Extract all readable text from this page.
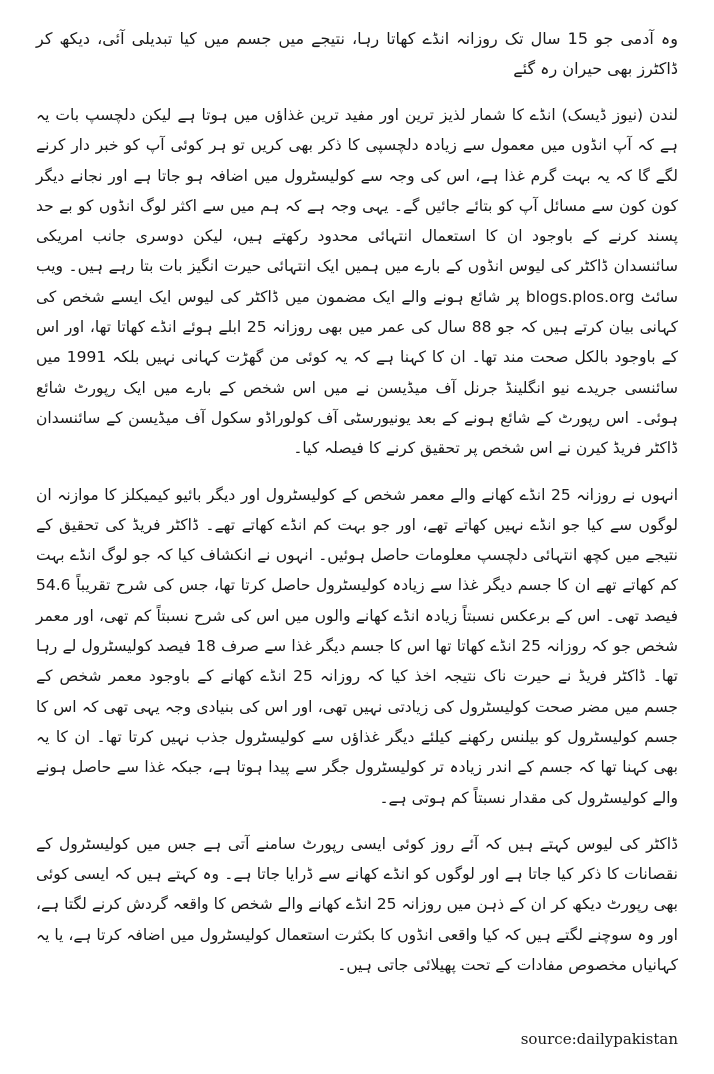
وہ آدمی جو 15 سال تک روزانہ انڈے کھاتا رہا، نتیجے میں جسم میں کیا تبدیلی آئی، دیکھ کر ڈاکٹرز بھی حیران رہ گئے

لندن (نیوز ڈیسک) انڈے کا شمار لذیز ترین اور مفید ترین غذاؤں میں ہوتا ہے لیکن دلچسپ بات یہ ہے کہ آپ انڈوں میں معمول سے زیادہ دلچسپی کا ذکر بھی کریں تو ہر کوئی آپ کو خبر دار کرنے لگے گا کہ یہ بہت گرم غذا ہے، اس کی وجہ سے کولیسٹرول میں اضافہ ہو جاتا ہے اور نجانے دیگر کون کون سے مسائل آپ کو بتائے جائیں گے۔ یہی وجہ ہے کہ ہم میں سے اکثر لوگ انڈوں کو بے حد پسند کرنے کے باوجود ان کا استعمال انتہائی محدود رکھتے ہیں، لیکن دوسری جانب امریکی سائنسدان ڈاکٹر کی لیوس انڈوں کے بارے میں ہمیں ایک انتہائی حیرت انگیز بات بتا رہے ہیں۔ ویب سائٹ blogs.plos.org پر شائع ہونے والے ایک مضمون میں ڈاکٹر کی لیوس ایک ایسے شخص کی کہانی بیان کرتے ہیں کہ جو 88 سال کی عمر میں بھی روزانہ 25 ابلے ہوئے انڈے کھاتا تھا، اور اس کے باوجود بالکل صحت مند تھا۔ ان کا کہنا ہے کہ یہ کوئی من گھڑت کہانی نہیں بلکہ 1991 میں سائنسی جریدے نیو انگلینڈ جرنل آف میڈیسن نے میں اس شخص کے بارے میں ایک رپورٹ شائع ہوئی۔ اس رپورٹ کے شائع ہونے کے بعد یونیورسٹی آف کولوراڈو سکول آف میڈیسن کے سائنسدان ڈاکٹر فریڈ کیرن نے اس شخص پر تحقیق کرنے کا فیصلہ کیا۔

انہوں نے روزانہ 25 انڈے کھانے والے معمر شخص کے کولیسٹرول اور دیگر بائیو کیمیکلز کا موازنہ ان لوگوں سے کیا جو انڈے نہیں کھاتے تھے، اور جو بہت کم انڈے کھاتے تھے۔ ڈاکٹر فریڈ کی تحقیق کے نتیجے میں کچھ انتہائی دلچسپ معلومات حاصل ہوئیں۔ انہوں نے انکشاف کیا کہ جو لوگ انڈے بہت کم کھاتے تھے ان کا جسم دیگر غذا سے زیادہ کولیسٹرول حاصل کرتا تھا، جس کی شرح تقریباً 54.6 فیصد تھی۔ اس کے برعکس نسبتاً زیادہ انڈے کھانے والوں میں اس کی شرح نسبتاً کم تھی، اور معمر شخص جو کہ روزانہ 25 انڈے کھاتا تھا اس کا جسم دیگر غذا سے صرف 18 فیصد کولیسٹرول لے رہا تھا۔ ڈاکٹر فریڈ نے حیرت ناک نتیجہ اخذ کیا کہ روزانہ 25 انڈے کھانے کے باوجود معمر شخص کے جسم میں مضر صحت کولیسٹرول کی زیادتی نہیں تھی، اور اس کی بنیادی وجہ یہی تھی کہ اس کا جسم کولیسٹرول کو بیلنس رکھنے کیلئے دیگر غذاؤں سے کولیسٹرول جذب نہیں کرتا تھا۔ ان کا یہ بھی کہنا تھا کہ جسم کے اندر زیادہ تر کولیسٹرول جگر سے پیدا ہوتا ہے، جبکہ غذا سے حاصل ہونے والے کولیسٹرول کی مقدار نسبتاً کم ہوتی ہے۔

ڈاکٹر کی لیوس کہتے ہیں کہ آئے روز کوئی ایسی رپورٹ سامنے آتی ہے جس میں کولیسٹرول کے نقصانات کا ذکر کیا جاتا ہے اور لوگوں کو انڈے کھانے سے ڈرایا جاتا ہے۔ وہ کہتے ہیں کہ ایسی کوئی بھی رپورٹ دیکھ کر ان کے ذہن میں روزانہ 25 انڈے کھانے والے شخص کا واقعہ گردش کرنے لگتا ہے، اور وہ سوچنے لگتے ہیں کہ کیا واقعی انڈوں کا بکثرت استعمال کولیسٹرول میں اضافہ کرتا ہے، یا یہ کہانیاں مخصوص مفادات کے تحت پھیلائی جاتی ہیں۔

source:dailypakistan
